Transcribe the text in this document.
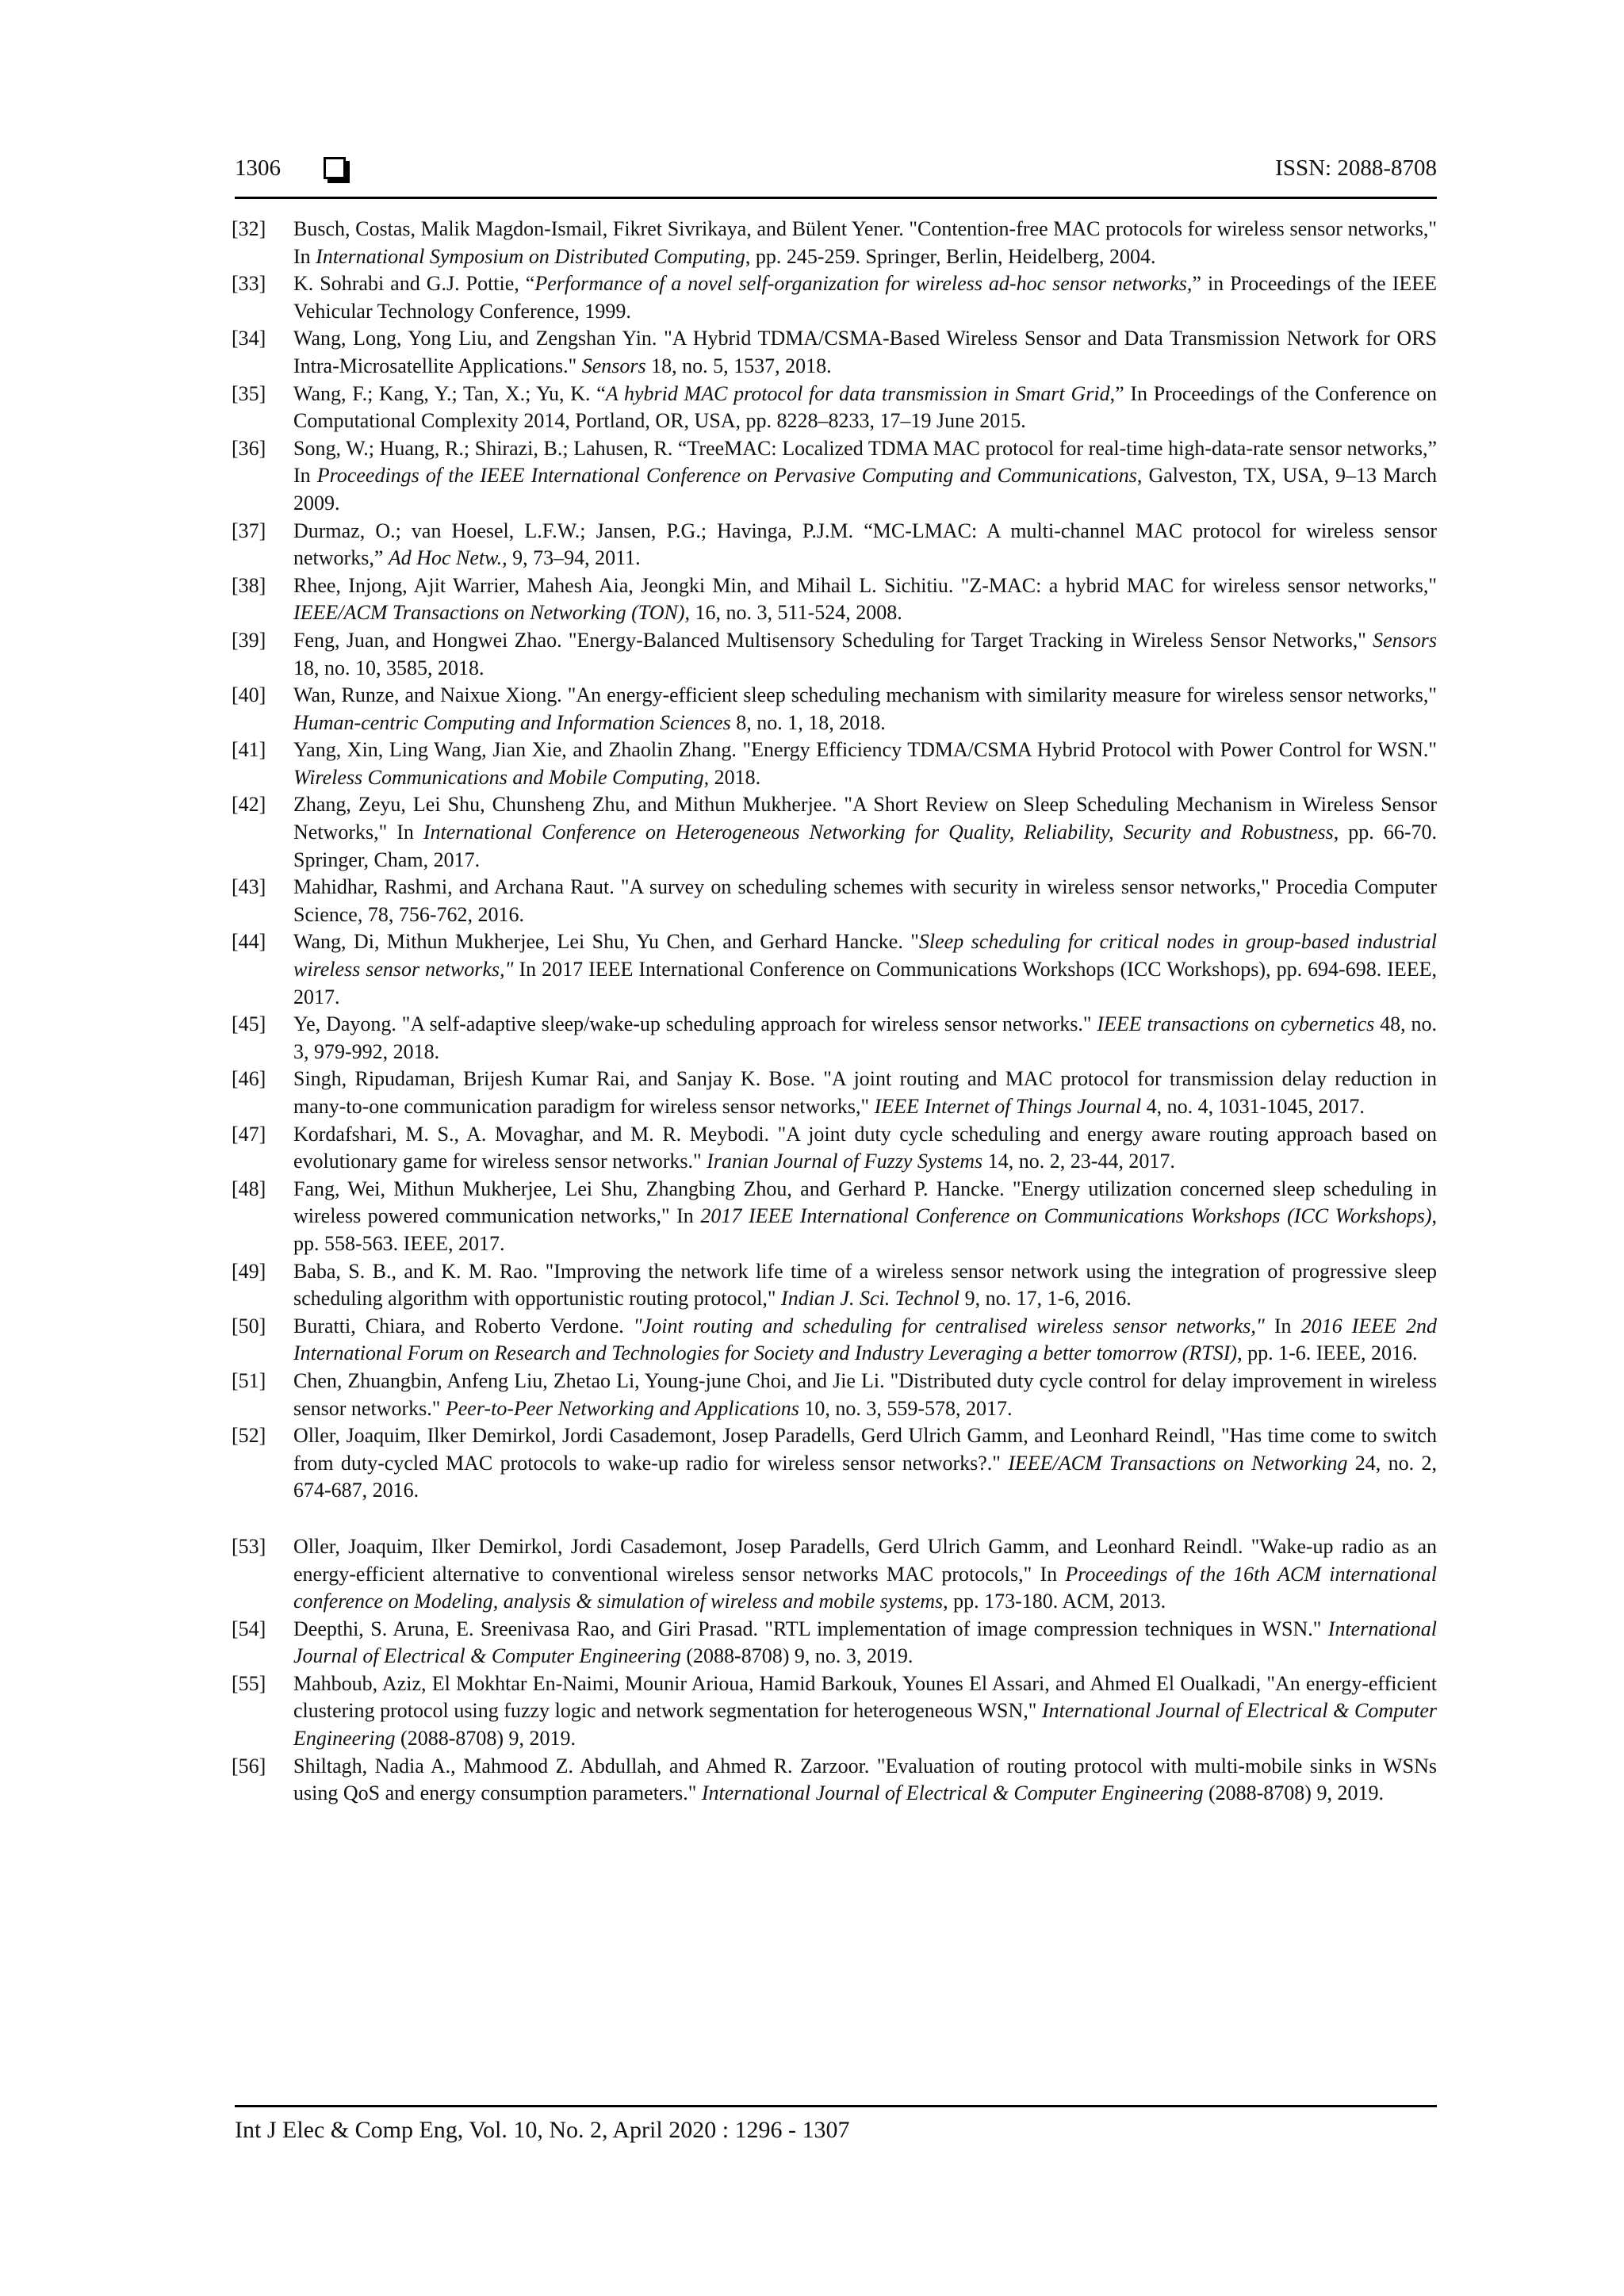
1306	ISSN: 2088-8708
[32]	Busch, Costas, Malik Magdon-Ismail, Fikret Sivrikaya, and Bülent Yener. "Contention-free MAC protocols for wireless sensor networks," In International Symposium on Distributed Computing, pp. 245-259. Springer, Berlin, Heidelberg, 2004.
[33]	K. Sohrabi and G.J. Pottie, “Performance of a novel self-organization for wireless ad-hoc sensor networks,” in Proceedings of the IEEE Vehicular Technology Conference, 1999.
[34]	Wang, Long, Yong Liu, and Zengshan Yin. "A Hybrid TDMA/CSMA-Based Wireless Sensor and Data Transmission Network for ORS Intra-Microsatellite Applications." Sensors 18, no. 5, 1537, 2018.
[35]	Wang, F.; Kang, Y.; Tan, X.; Yu, K. “A hybrid MAC protocol for data transmission in Smart Grid,” In Proceedings of the Conference on Computational Complexity 2014, Portland, OR, USA, pp. 8228–8233, 17–19 June 2015.
[36]	Song, W.; Huang, R.; Shirazi, B.; Lahusen, R. “TreeMAC: Localized TDMA MAC protocol for real-time high-data-rate sensor networks,” In Proceedings of the IEEE International Conference on Pervasive Computing and Communications, Galveston, TX, USA, 9–13 March 2009.
[37]	Durmaz, O.; van Hoesel, L.F.W.; Jansen, P.G.; Havinga, P.J.M. “MC-LMAC: A multi-channel MAC protocol for wireless sensor networks,” Ad Hoc Netw., 9, 73–94, 2011.
[38]	Rhee, Injong, Ajit Warrier, Mahesh Aia, Jeongki Min, and Mihail L. Sichitiu. "Z-MAC: a hybrid MAC for wireless sensor networks," IEEE/ACM Transactions on Networking (TON), 16, no. 3, 511-524, 2008.
[39]	Feng, Juan, and Hongwei Zhao. "Energy-Balanced Multisensory Scheduling for Target Tracking in Wireless Sensor Networks," Sensors 18, no. 10, 3585, 2018.
[40]	Wan, Runze, and Naixue Xiong. "An energy-efficient sleep scheduling mechanism with similarity measure for wireless sensor networks," Human-centric Computing and Information Sciences 8, no. 1, 18, 2018.
[41]	Yang, Xin, Ling Wang, Jian Xie, and Zhaolin Zhang. "Energy Efficiency TDMA/CSMA Hybrid Protocol with Power Control for WSN." Wireless Communications and Mobile Computing, 2018.
[42]	Zhang, Zeyu, Lei Shu, Chunsheng Zhu, and Mithun Mukherjee. "A Short Review on Sleep Scheduling Mechanism in Wireless Sensor Networks," In International Conference on Heterogeneous Networking for Quality, Reliability, Security and Robustness, pp. 66-70. Springer, Cham, 2017.
[43]	Mahidhar, Rashmi, and Archana Raut. "A survey on scheduling schemes with security in wireless sensor networks," Procedia Computer Science, 78, 756-762, 2016.
[44]	Wang, Di, Mithun Mukherjee, Lei Shu, Yu Chen, and Gerhard Hancke. "Sleep scheduling for critical nodes in group-based industrial wireless sensor networks," In 2017 IEEE International Conference on Communications Workshops (ICC Workshops), pp. 694-698. IEEE, 2017.
[45]	Ye, Dayong. "A self-adaptive sleep/wake-up scheduling approach for wireless sensor networks." IEEE transactions on cybernetics 48, no. 3, 979-992, 2018.
[46]	Singh, Ripudaman, Brijesh Kumar Rai, and Sanjay K. Bose. "A joint routing and MAC protocol for transmission delay reduction in many-to-one communication paradigm for wireless sensor networks," IEEE Internet of Things Journal 4, no. 4, 1031-1045, 2017.
[47]	Kordafshari, M. S., A. Movaghar, and M. R. Meybodi. "A joint duty cycle scheduling and energy aware routing approach based on evolutionary game for wireless sensor networks." Iranian Journal of Fuzzy Systems 14, no. 2, 23-44, 2017.
[48]	Fang, Wei, Mithun Mukherjee, Lei Shu, Zhangbing Zhou, and Gerhard P. Hancke. "Energy utilization concerned sleep scheduling in wireless powered communication networks," In 2017 IEEE International Conference on Communications Workshops (ICC Workshops), pp. 558-563. IEEE, 2017.
[49]	Baba, S. B., and K. M. Rao. "Improving the network life time of a wireless sensor network using the integration of progressive sleep scheduling algorithm with opportunistic routing protocol," Indian J. Sci. Technol 9, no. 17, 1-6, 2016.
[50]	Buratti, Chiara, and Roberto Verdone. "Joint routing and scheduling for centralised wireless sensor networks," In 2016 IEEE 2nd International Forum on Research and Technologies for Society and Industry Leveraging a better tomorrow (RTSI), pp. 1-6. IEEE, 2016.
[51]	Chen, Zhuangbin, Anfeng Liu, Zhetao Li, Young-june Choi, and Jie Li. "Distributed duty cycle control for delay improvement in wireless sensor networks." Peer-to-Peer Networking and Applications 10, no. 3, 559-578, 2017.
[52]	Oller, Joaquim, Ilker Demirkol, Jordi Casademont, Josep Paradells, Gerd Ulrich Gamm, and Leonhard Reindl, "Has time come to switch from duty-cycled MAC protocols to wake-up radio for wireless sensor networks?." IEEE/ACM Transactions on Networking 24, no. 2, 674-687, 2016.
[53]	Oller, Joaquim, Ilker Demirkol, Jordi Casademont, Josep Paradells, Gerd Ulrich Gamm, and Leonhard Reindl. "Wake-up radio as an energy-efficient alternative to conventional wireless sensor networks MAC protocols," In Proceedings of the 16th ACM international conference on Modeling, analysis & simulation of wireless and mobile systems, pp. 173-180. ACM, 2013.
[54]	Deepthi, S. Aruna, E. Sreenivasa Rao, and Giri Prasad. "RTL implementation of image compression techniques in WSN." International Journal of Electrical & Computer Engineering (2088-8708) 9, no. 3, 2019.
[55]	Mahboub, Aziz, El Mokhtar En-Naimi, Mounir Arioua, Hamid Barkouk, Younes El Assari, and Ahmed El Oualkadi, "An energy-efficient clustering protocol using fuzzy logic and network segmentation for heterogeneous WSN," International Journal of Electrical & Computer Engineering (2088-8708) 9, 2019.
[56]	Shiltagh, Nadia A., Mahmood Z. Abdullah, and Ahmed R. Zarzoor. "Evaluation of routing protocol with multi-mobile sinks in WSNs using QoS and energy consumption parameters." International Journal of Electrical & Computer Engineering (2088-8708) 9, 2019.
Int J Elec & Comp Eng, Vol. 10, No. 2, April 2020 : 1296 - 1307
